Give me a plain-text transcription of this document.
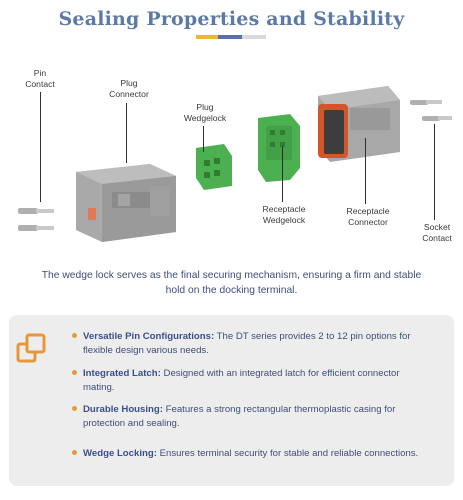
Sealing Properties and Stability
Pin
Contact	Plug
Connector
Plug
Wedgelock
Receptacle
Wedgelock
Receptacle
Connector	Socket
Contact
The wedge lock serves as the final securing mechanism, ensuring a firm and stable hold on the docking terminal.
Versatile Pin Configurations: The DT series provides 2 to 12 pin options for
flexible design various needs.
Integrated Latch: Designed with an integrated latch for efficient connector
mating.
Durable Housing: Features a strong rectangular thermoplastic casing for
protection and sealing.
Wedge Locking: Ensures terminal security for stable and reliable connections.
